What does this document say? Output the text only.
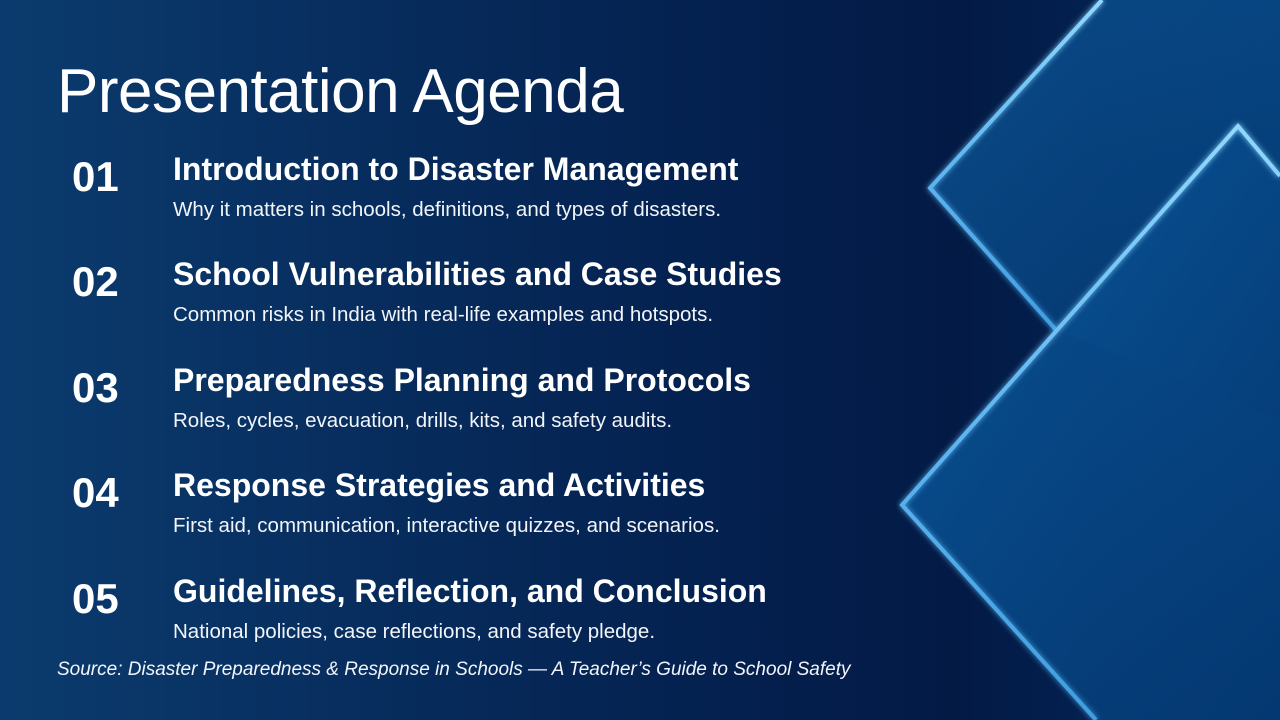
Presentation Agenda
01 Introduction to Disaster Management
Why it matters in schools, definitions, and types of disasters.
02 School Vulnerabilities and Case Studies
Common risks in India with real-life examples and hotspots.
03 Preparedness Planning and Protocols
Roles, cycles, evacuation, drills, kits, and safety audits.
04 Response Strategies and Activities
First aid, communication, interactive quizzes, and scenarios.
05 Guidelines, Reflection, and Conclusion
National policies, case reflections, and safety pledge.
Source: Disaster Preparedness & Response in Schools — A Teacher’s Guide to School Safety
